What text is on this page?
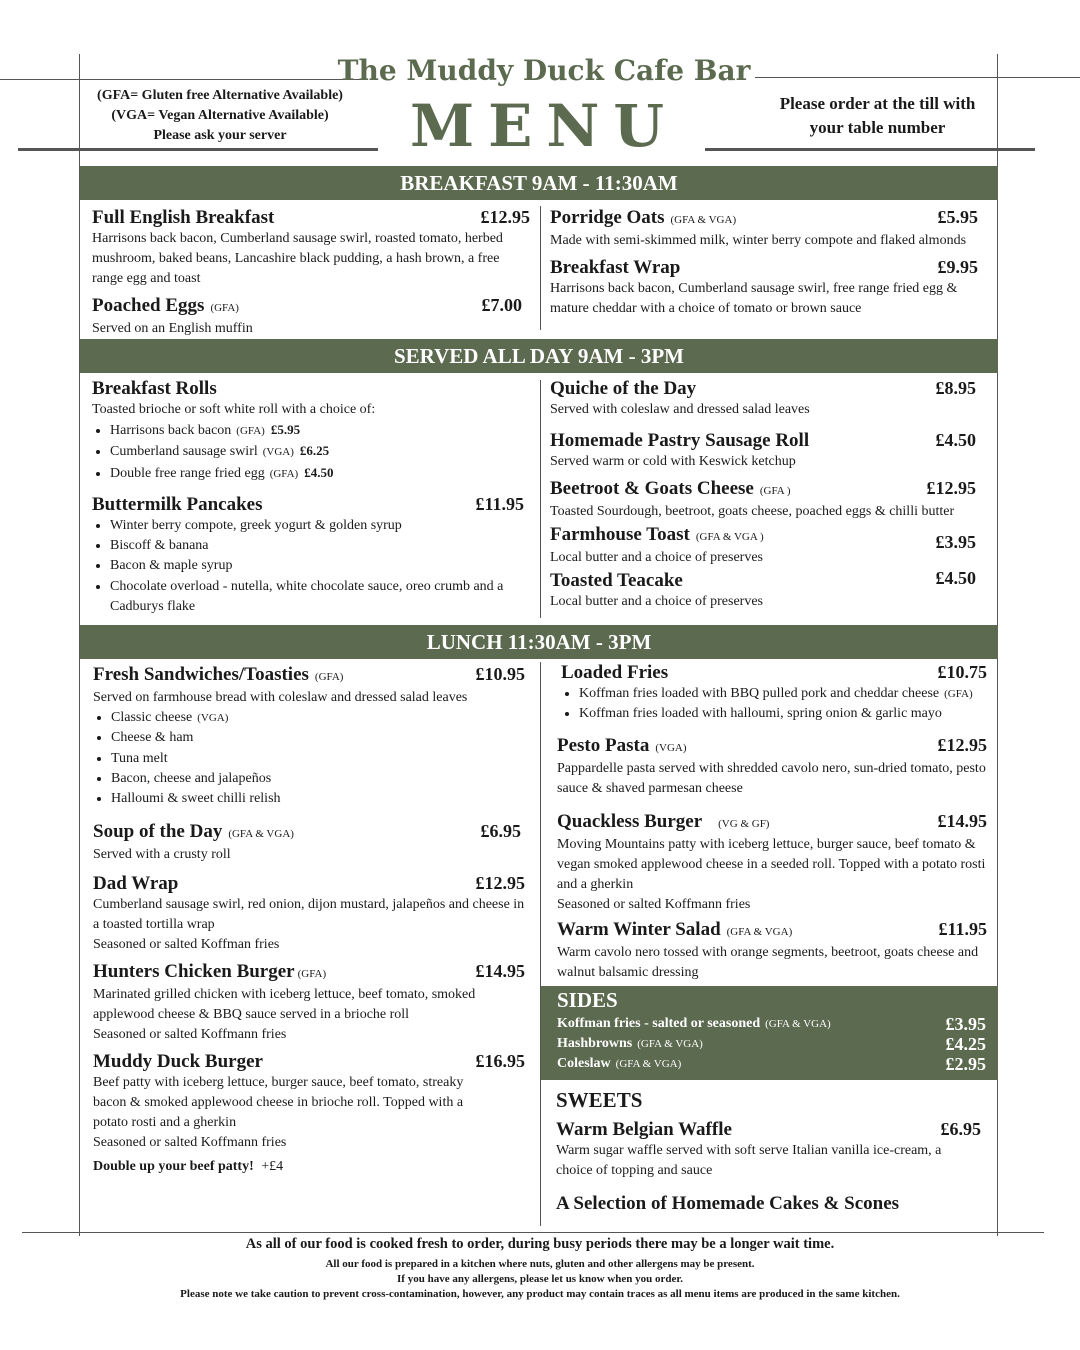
(GFA= Gluten free Alternative Available)
(VGA= Vegan Alternative Available)
Please ask your server
The Muddy Duck Cafe Bar
MENU	Please order at the till with
your table number
BREAKFAST 9AM - 11:30AM
Full English Breakfast	£12.95
Harrisons back bacon, Cumberland sausage swirl, roasted tomato, herbed mushroom, baked beans, Lancashire black pudding, a hash brown, a free range egg and toast
Poached Eggs (GFA)	£7.00
Served on an English muffin
Porridge Oats (GFA & VGA)	£5.95
Made with semi-skimmed milk, winter berry compote and flaked almonds
Breakfast Wrap	£9.95
Harrisons back bacon, Cumberland sausage swirl, free range fried egg & mature cheddar with a choice of tomato or brown sauce
SERVED ALL DAY 9AM - 3PM
Breakfast Rolls
Toasted brioche or soft white roll with a choice of:
• Harrisons back bacon (GFA) £5.95
• Cumberland sausage swirl (VGA) £6.25
• Double free range fried egg (GFA) £4.50
Buttermilk Pancakes	£11.95
• Winter berry compote, greek yogurt & golden syrup
• Biscoff & banana
• Bacon & maple syrup
• Chocolate overload - nutella, white chocolate sauce, oreo crumb and a Cadburys flake
Quiche of the Day	£8.95
Served with coleslaw and dressed salad leaves
Homemade Pastry Sausage Roll	£4.50
Served warm or cold with Keswick ketchup
Beetroot & Goats Cheese (GFA )	£12.95
Toasted Sourdough, beetroot, goats cheese, poached eggs & chilli butter
Farmhouse Toast (GFA & VGA )	£3.95
Local butter and a choice of preserves
Toasted Teacake	£4.50
Local butter and a choice of preserves
LUNCH 11:30AM - 3PM
Fresh Sandwiches/Toasties (GFA)	£10.95
Served on farmhouse bread with coleslaw and dressed salad leaves
• Classic cheese (VGA)
• Cheese & ham
• Tuna melt
• Bacon, cheese and jalapeños
• Halloumi & sweet chilli relish
Soup of the Day (GFA & VGA)	£6.95
Served with a crusty roll
Dad Wrap	£12.95
Cumberland sausage swirl, red onion, dijon mustard, jalapeños and cheese in a toasted tortilla wrap
Seasoned or salted Koffman fries
Hunters Chicken Burger (GFA)	£14.95
Marinated grilled chicken with iceberg lettuce, beef tomato, smoked applewood cheese & BBQ sauce served in a brioche roll
Seasoned or salted Koffmann fries
Muddy Duck Burger	£16.95
Beef patty with iceberg lettuce, burger sauce, beef tomato, streaky bacon & smoked applewood cheese in brioche roll. Topped with a potato rosti and a gherkin
Seasoned or salted Koffmann fries
Double up your beef patty! +£4
Loaded Fries	£10.75
• Koffman fries loaded with BBQ pulled pork and cheddar cheese (GFA)
• Koffman fries loaded with halloumi, spring onion & garlic mayo
Pesto Pasta (VGA)	£12.95
Pappardelle pasta served with shredded cavolo nero, sun-dried tomato, pesto sauce & shaved parmesan cheese
Quackless Burger (VG & GF)	£14.95
Moving Mountains patty with iceberg lettuce, burger sauce, beef tomato & vegan smoked applewood cheese in a seeded roll. Topped with a potato rosti and a gherkin
Seasoned or salted Koffmann fries
Warm Winter Salad (GFA & VGA)	£11.95
Warm cavolo nero tossed with orange segments, beetroot, goats cheese and walnut balsamic dressing
SIDES
Koffman fries - salted or seasoned (GFA & VGA)	£3.95
Hashbrowns (GFA & VGA)	£4.25
Coleslaw (GFA & VGA)	£2.95
SWEETS
Warm Belgian Waffle	£6.95
Warm sugar waffle served with soft serve Italian vanilla ice-cream, a choice of topping and sauce
A Selection of Homemade Cakes & Scones
As all of our food is cooked fresh to order, during busy periods there may be a longer wait time.
All our food is prepared in a kitchen where nuts, gluten and other allergens may be present.
If you have any allergens, please let us know when you order.
Please note we take caution to prevent cross-contamination, however, any product may contain traces as all menu items are produced in the same kitchen.
